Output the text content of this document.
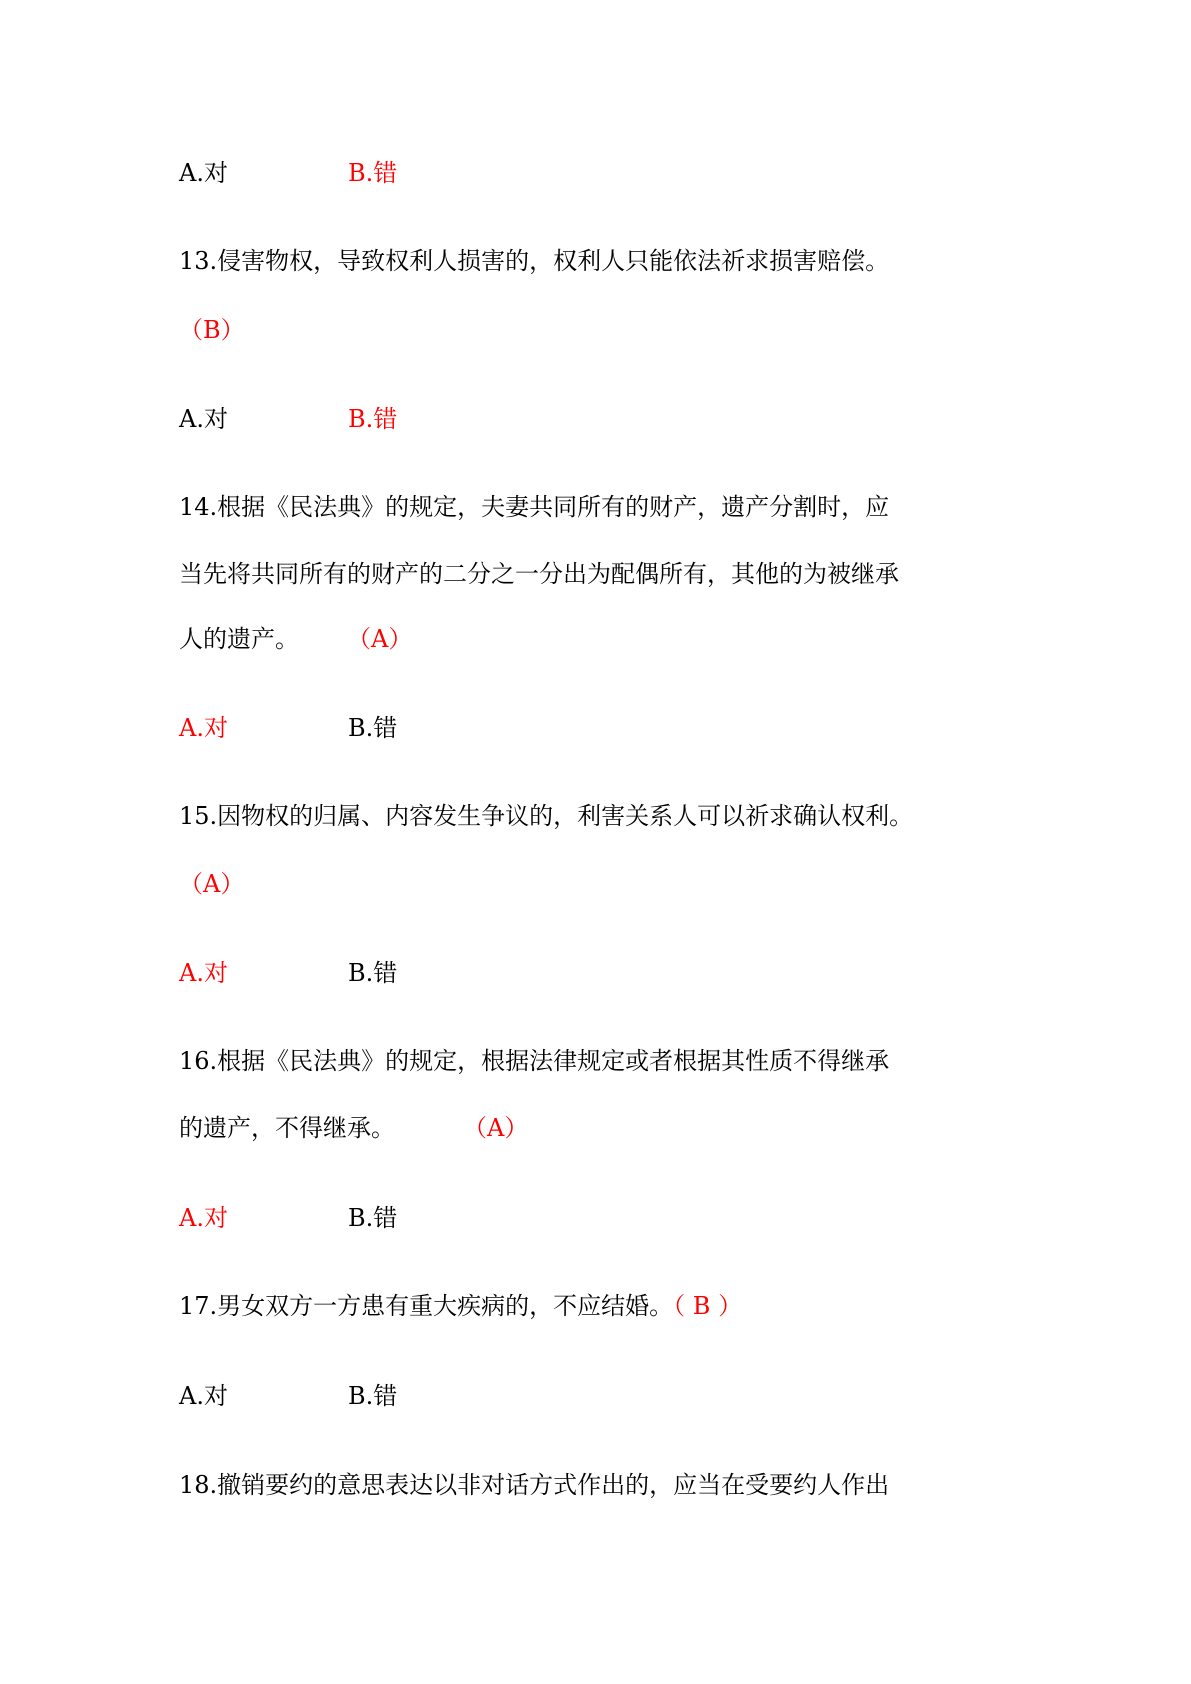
A.对	B.错
13.侵害物权，导致权利人损害的，权利人只能依法祈求损害赔偿。
（B）
A.对	B.错
14.根据《民法典》的规定，夫妻共同所有的财产，遗产分割时，应
当先将共同所有的财产的二分之一分出为配偶所有，其他的为被继承
人的遗产。 （A）
A.对	B.错
15.因物权的归属、内容发生争议的，利害关系人可以祈求确认权利。
（A）
A.对	B.错
16.根据《民法典》的规定，根据法律规定或者根据其性质不得继承
的遗产，不得继承。	（A）
A.对	B.错
17.男女双方一方患有重大疾病的，不应结婚。（ B ）
A.对	B.错
18.撤销要约的意思表达以非对话方式作出的，应当在受要约人作出
